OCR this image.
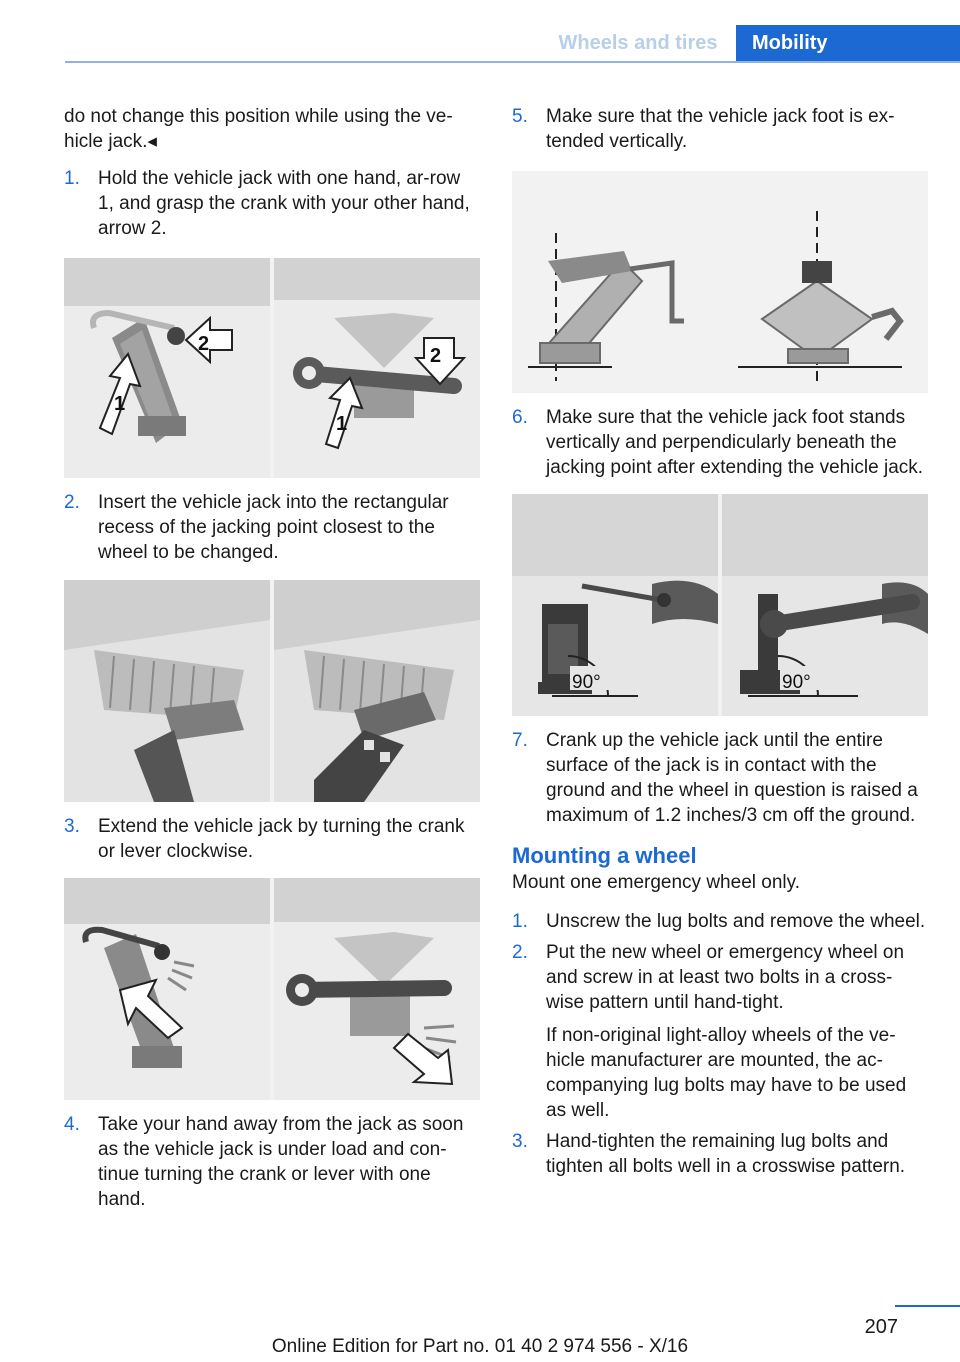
Wheels and tires	Mobility

do not change this position while using the ve-hicle jack.◂

1. Hold the vehicle jack with one hand, ar-row 1, and grasp the crank with your other hand, arrow 2.
1
2
2
1
2. Insert the vehicle jack into the rectangular recess of the jacking point closest to the wheel to be changed.
3. Extend the vehicle jack by turning the crank or lever clockwise.
4. Take your hand away from the jack as soon as the vehicle jack is under load and con-tinue turning the crank or lever with one hand.
5. Make sure that the vehicle jack foot is ex-tended vertically.
6. Make sure that the vehicle jack foot stands vertically and perpendicularly beneath the jacking point after extending the vehicle jack.
90°	90°
7. Crank up the vehicle jack until the entire surface of the jack is in contact with the ground and the wheel in question is raised a maximum of 1.2 inches/3 cm off the ground.
Mounting a wheel

Mount one emergency wheel only.

1. Unscrew the lug bolts and remove the wheel.
2. Put the new wheel or emergency wheel on and screw in at least two bolts in a cross-wise pattern until hand-tight.

If non-original light-alloy wheels of the ve-hicle manufacturer are mounted, the ac-companying lug bolts may have to be used as well.

3. Hand-tighten the remaining lug bolts and tighten all bolts well in a crosswise pattern.
207
Online Edition for Part no. 01 40 2 974 556 - X/16
